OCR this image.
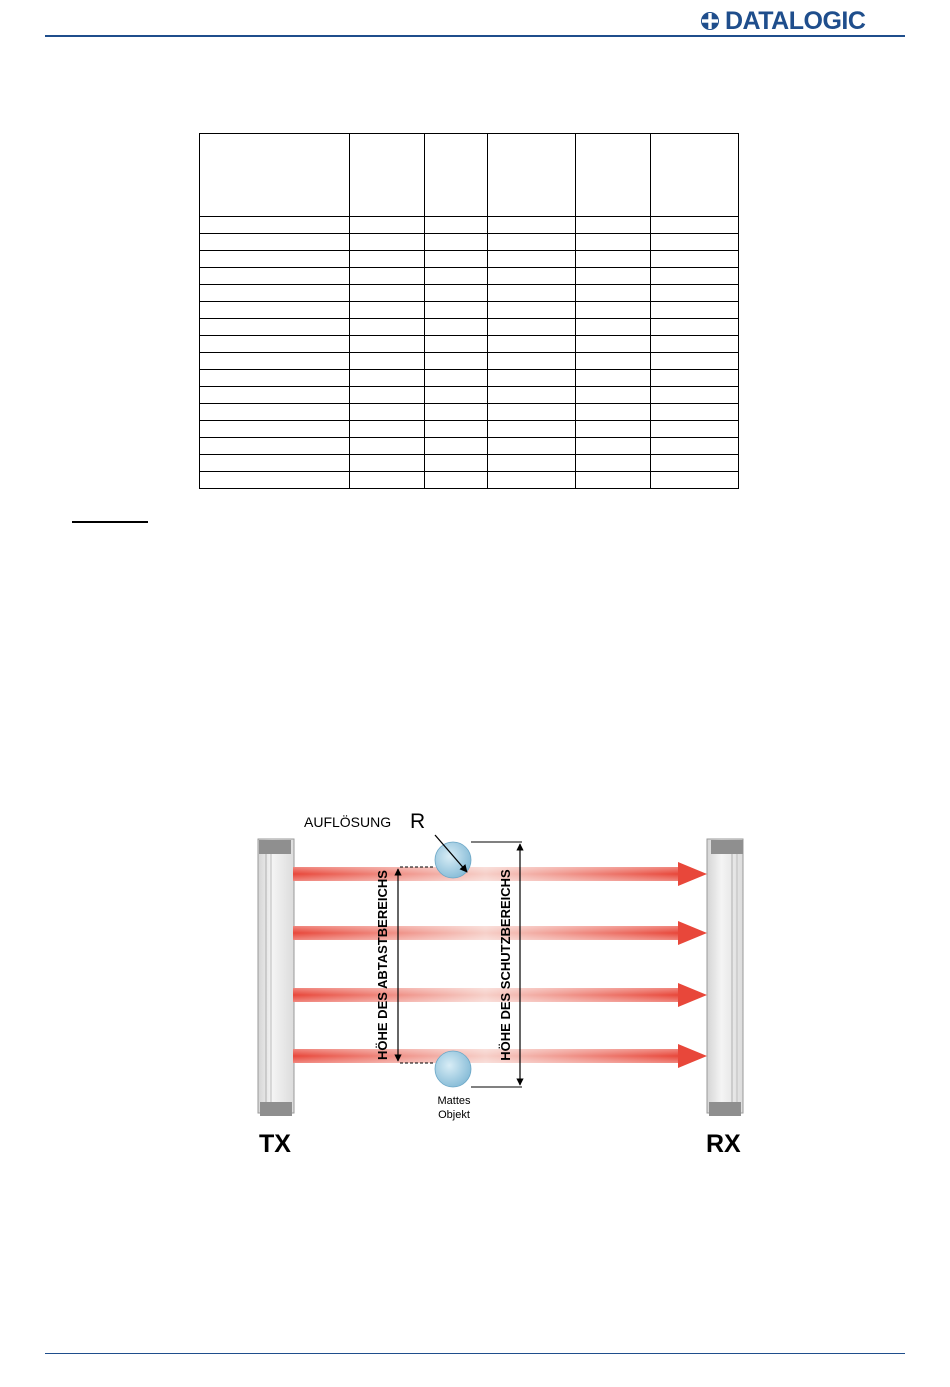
DATALOGIC

AUFLÖSUNG R
HÖHE DES ABTASTBEREICHS	HÖHE DES SCHUTZBEREICHS
Mattes
Objekt
TX	RX
